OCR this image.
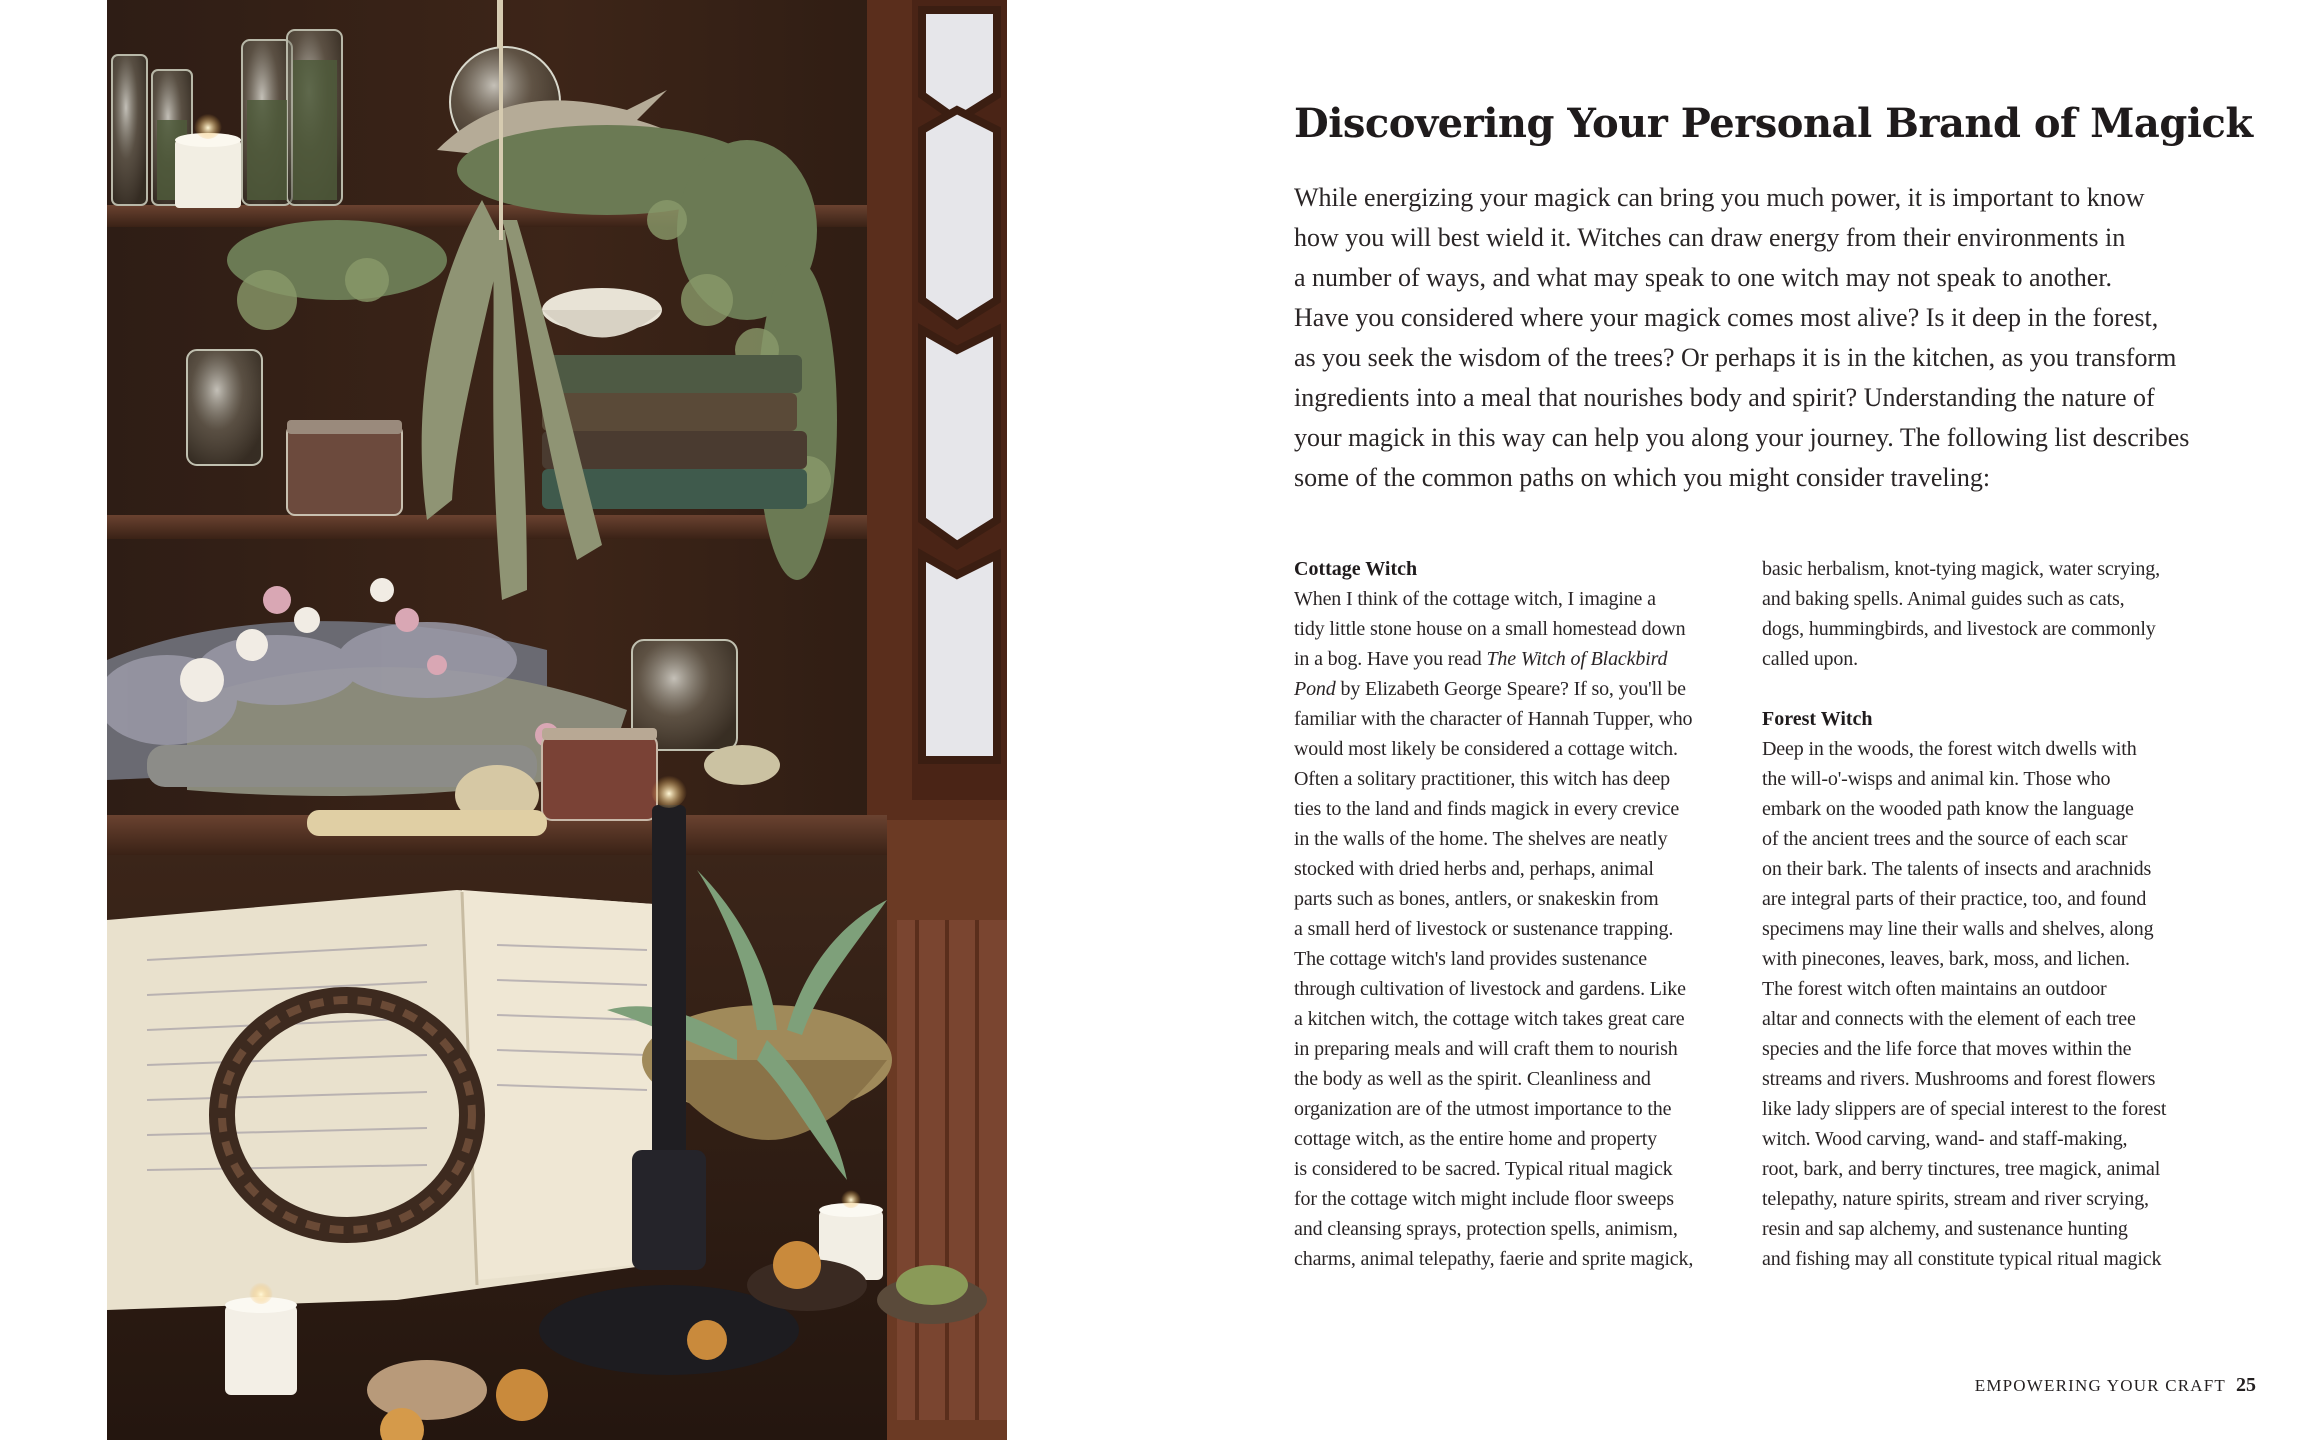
Discovering Your Personal Brand of Magick
While energizing your magick can bring you much power, it is important to know
how you will best wield it. Witches can draw energy from their environments in
a number of ways, and what may speak to one witch may not speak to another.
Have you considered where your magick comes most alive? Is it deep in the forest,
as you seek the wisdom of the trees? Or perhaps it is in the kitchen, as you transform
ingredients into a meal that nourishes body and spirit? Understanding the nature of
your magick in this way can help you along your journey. The following list describes
some of the common paths on which you might consider traveling:
Cottage Witch
When I think of the cottage witch, I imagine a
tidy little stone house on a small homestead down
in a bog. Have you read The Witch of Blackbird
Pond by Elizabeth George Speare? If so, you'll be
familiar with the character of Hannah Tupper, who
would most likely be considered a cottage witch.
Often a solitary practitioner, this witch has deep
ties to the land and finds magick in every crevice
in the walls of the home. The shelves are neatly
stocked with dried herbs and, perhaps, animal
parts such as bones, antlers, or snakeskin from
a small herd of livestock or sustenance trapping.
The cottage witch's land provides sustenance
through cultivation of livestock and gardens. Like
a kitchen witch, the cottage witch takes great care
in preparing meals and will craft them to nourish
the body as well as the spirit. Cleanliness and
organization are of the utmost importance to the
cottage witch, as the entire home and property
is considered to be sacred. Typical ritual magick
for the cottage witch might include floor sweeps
and cleansing sprays, protection spells, animism,
charms, animal telepathy, faerie and sprite magick,
basic herbalism, knot-tying magick, water scrying,
and baking spells. Animal guides such as cats,
dogs, hummingbirds, and livestock are commonly
called upon.
Forest Witch
Deep in the woods, the forest witch dwells with
the will-o'-wisps and animal kin. Those who
embark on the wooded path know the language
of the ancient trees and the source of each scar
on their bark. The talents of insects and arachnids
are integral parts of their practice, too, and found
specimens may line their walls and shelves, along
with pinecones, leaves, bark, moss, and lichen.
The forest witch often maintains an outdoor
altar and connects with the element of each tree
species and the life force that moves within the
streams and rivers. Mushrooms and forest flowers
like lady slippers are of special interest to the forest
witch. Wood carving, wand- and staff-making,
root, bark, and berry tinctures, tree magick, animal
telepathy, nature spirits, stream and river scrying,
resin and sap alchemy, and sustenance hunting
and fishing may all constitute typical ritual magick
EMPOWERING YOUR CRAFT 25
